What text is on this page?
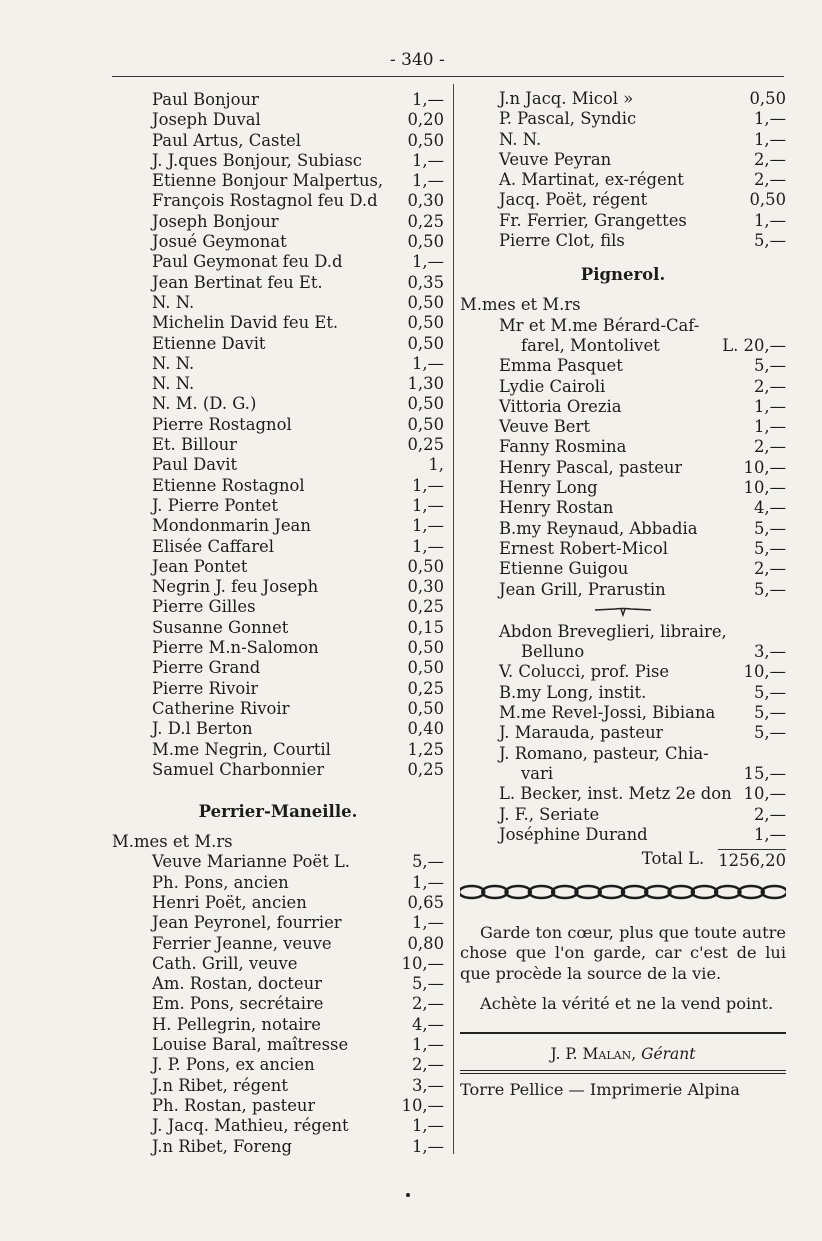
- 340 -
Paul Bonjour	1,—
Joseph Duval	0,20
Paul Artus, Castel	0,50
J. J.ques Bonjour, Subiasc	1,—
Etienne Bonjour Malpertus, 1,—
François Rostagnol feu D.d 0,30
Joseph Bonjour	0,25
Josué Geymonat	0,50
Paul Geymonat feu D.d	1,—
Jean Bertinat feu Et.	0,35
N. N.	0,50
Michelin David feu Et.	0,50
Etienne Davit	0,50
N. N.	1,—
N. N.	1,30
N. M. (D. G.)	0,50
Pierre Rostagnol	0,50
Et. Billour	0,25
Paul Davit	1,
Etienne Rostagnol	1,—
J. Pierre Pontet	1,—
Mondonmarin Jean	1,—
Elisée Caffarel	1,—
Jean Pontet	0,50
Negrin J. feu Joseph	0,30
Pierre Gilles	0,25
Susanne Gonnet	0,15
Pierre M.n-Salomon	0,50
Pierre Grand	0,50
Pierre Rivoir	0,25
Catherine Rivoir	0,50
J. D.l Berton	0,40
M.me Negrin, Courtil	1,25
Samuel Charbonnier	0,25
Perrier-Maneille.
M.mes et M.rs
Veuve Marianne Poët L.	5,—
Ph. Pons, ancien	1,—
Henri Poët, ancien	0,65
Jean Peyronel, fourrier	1,—
Ferrier Jeanne, veuve	0,80
Cath. Grill, veuve	10,—
Am. Rostan, docteur	5,—
Em. Pons, secrétaire	2,—
H. Pellegrin, notaire	4,—
Louise Baral, maîtresse	1,—
J. P. Pons, ex ancien	2,—
J.n Ribet, régent	3,—
Ph. Rostan, pasteur	10,—
J. Jacq. Mathieu, régent	1,—
J.n Ribet, Foreng	1,—
J.n Jacq. Micol »	0,50
P. Pascal, Syndic	1,—
N. N.	1,—
Veuve Peyran	2,—
A. Martinat, ex-régent	2,—
Jacq. Poët, régent	0,50
Fr. Ferrier, Grangettes	1,—
Pierre Clot, fils	5,—
Pignerol.
M.mes et M.rs
Mr et M.me Bérard-Caf-
farel, Montolivet	L. 20,—
Emma Pasquet	5,—
Lydie Cairoli	2,—
Vittoria Orezia	1,—
Veuve Bert	1,—
Fanny Rosmina	2,—
Henry Pascal, pasteur	10,—
Henry Long	10,—
Henry Rostan	4,—
B.my Reynaud, Abbadia	5,—
Ernest Robert-Micol	5,—
Etienne Guigou	2,—
Jean Grill, Prarustin	5,—
Abdon Breveglieri, libraire,
Belluno	3,—
V. Colucci, prof. Pise	10,—
B.my Long, instit.	5,—
M.me Revel-Jossi, Bibiana 5,—
J. Marauda, pasteur	5,—
J. Romano, pasteur, Chia-
vari	15,—
L. Becker, inst. Metz 2e don 10,—
J. F., Seriate	2,—
Joséphine Durand	1,—
Total L. 1256,20

Garde ton cœur, plus que toute autre chose que l'on garde, car c'est de lui que procède la source de la vie.

Achète la vérité et ne la vend point.

J. P. Malan, Gérant
Torre Pellice — Imprimerie Alpina
